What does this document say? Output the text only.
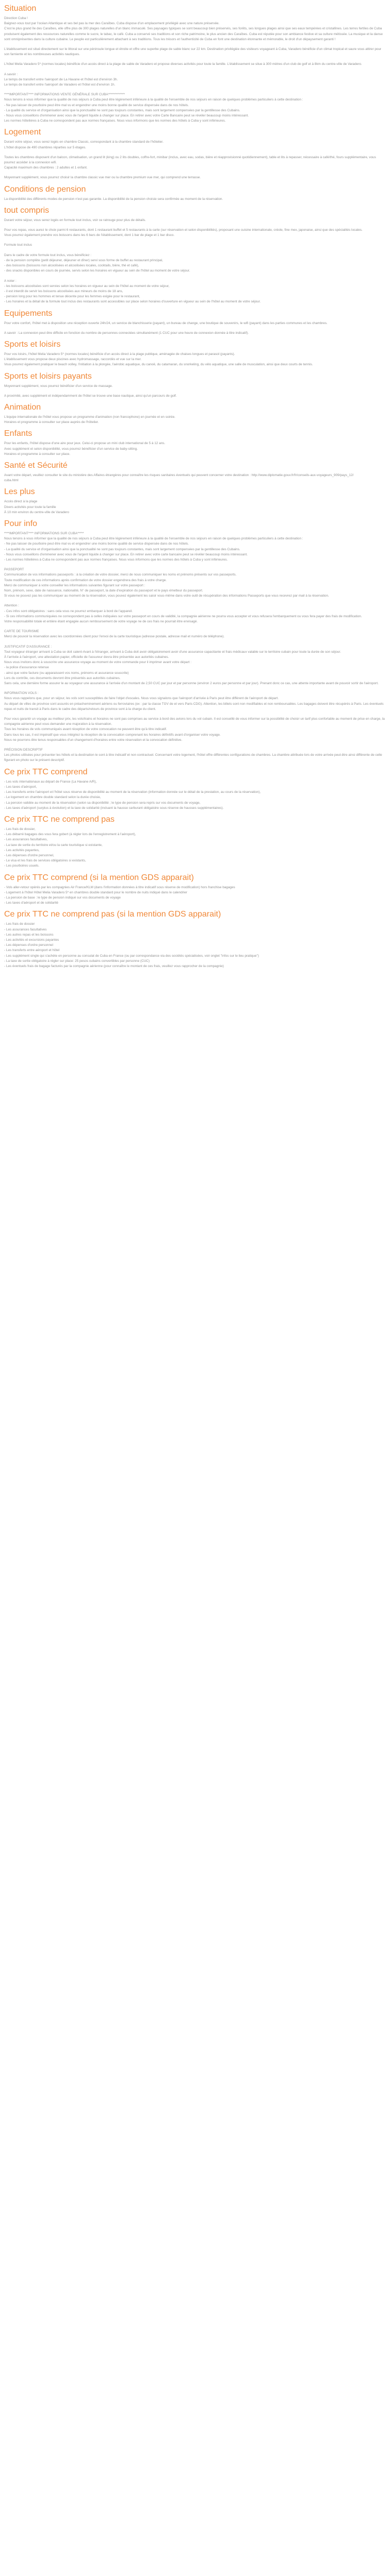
Situation

Direction Cuba !

Baignez-vous tout par l'océan Atlantique et ses bel pas la mer des Caraïbes. Cuba dispose d'un emplacement privilégié avec une nature préservée.

C'est le plus grand île des Caraïbes, elle offre plus de 300 plages naturelles d'un blanc immaculé. Ses paysages typiques se sont beaucoup bien préservés, ses forêts, ses longues plages ainsi que ses eaux tempérées et cristallines. Les terres fertiles de Cuba produisent également des ressources naturelles comme le sucre, le tabac, le café. Cuba a conservé ses traditions et son riche patrimoine, le plus ancien des Caraïbes. Cuba est réputée pour son ambiance festive et sa culture métissée. La musique et la danse sont omniprésentes dans la culture cubaine. Le peuple est particulièrement attachant à ses traditions. Tous les trésors et l'authenticité de Cuba en font une destination étonnante et mémorable, le droit d'un dépaysement garanti !

L'établissement est situé directement sur le littoral sur une péninsule longue et étroite et offre une superbe plage de sable blanc sur 22 km. Destination privilégiée des visiteurs voyageant à Cuba, Varadero bénéficie d'un climat tropical et saure vous attirer pour son farniente et les nombreuses activités nautiques.

L'hôtel Melia Varadero 5* (normes locales) bénéficie d'un accès direct à la plage de sable de Varadero et propose diverses activités pour toute la famille. L'établissement se situe à 300 mètres d'un club de golf et à 8km du centre-ville de Varadero.

A savoir :

Le temps de transfert entre l'aéroport de La Havane et l'hôtel est d'environ 3h.

Le temps de transfert entre l'aéroport de Varadero et l'hôtel est d'environ 1h.

****IMPORTANT**** INFORMATIONS VENTE GÉNÉRALE SUR CUBA*************

Nous tenons à vous informer que la qualité de nos séjours à Cuba peut être légèrement inférieure à la qualité de l'ensemble de nos séjours en raison de quelques problèmes particuliers à cette destination :

- Ne pas laisser de pourboire peut être mal vu et engendrer une moins bonne qualité de service dispensée dans de nos hôtels.

- La qualité du service et d'organisation ainsi que la ponctualité ne sont pas toujours constantes, mais sont largement compensées par la gentillesse des Cubains.

- Nous vous conseillons d'emmener avec vous de l'argent liquide à changer sur place. En retirer avec votre Carte Bancaire peut se révéler beaucoup moins intéressant.

Les normes hôtelières à Cuba ne correspondent pas aux normes françaises. Nous vous informons que les normes des hôtels à Cuba y sont inférieures.

Logement

Durant votre séjour, vous serez logés en chambre Classic, correspondant à la chambre standard de l'hôtelier.

L'hôtel dispose de 490 chambres réparties sur 5 étages.

Toutes les chambres disposent d'un balcon, climatisation, un grand lit (king) ou 2 lits doubles, coffre-fort, minibar (inclus, avec eau, sodas, bière et réapprovisionné quotidiennement), table et lits à repasser, nécessaire à café/thé, fours supplémentaire, vous pourrez accéder à la connexion wifi.

Capacité maximum des chambres : 2 adultes et 1 enfant.

Moyennant supplément, vous pourrez choisir la chambre classic vue mer ou la chambre premium vue mer, qui comprend une terrasse.

Conditions de pension

La disponibilité des différents modes de pension n'est pas garantie. La disponibilité de la pension choisie sera confirmée au moment de la réservation.

tout compris

Durant votre séjour, vous serez logés en formule tout inclus, voir ce ratrouge pour plus de détails.

Pour vos repas, vous aurez le choix parmi 6 restaurants, dont 1 restaurant buffet et 5 restaurants à la carte (sur réservation et selon disponibilités), proposant une cuisine internationale, créole, fine mex, japonaise, ainsi que des spécialités locales.

Vous pourrez également prendre vos boissons dans les 6 bars de l'établissement, dont 1 bar de plage et 1 bar disco.

Formule tout inclus

Dans le cadre de votre formule tout inclus, vous bénéficiez :

- de la pension complète (petit déjeuner, déjeuner et dîner) servi sous forme de buffet au restaurant principal,

- des boissons (boissons non alcoolisées et alcoolisées locales, cocktails, bière, thé et café),

- des snacks disponibles en cours de journée, servis selon les horaires en vigueur au sein de l'hôtel au moment de votre séjour.

A noter :

- les boissons alcoolisées sont servies selon les horaires en vigueur au sein de l'hôtel au moment de votre séjour,

- il est interdit de servir les boissons alcoolisées aux mineurs de moins de 18 ans,

- pension long pour les hommes et tenue décente pour les femmes exigée pour le restaurant,

- Les horaires et la détail de la formule tout inclus des restaurants sont accessibles sur place selon horaires d'ouverture en vigueur au sein de l'hôtel au moment de votre séjour.

Equipements

Pour votre confort, l'hôtel met à disposition une réception ouverte 24h/24, un service de blanchisserie (payant), un bureau de change, une boutique de souvenirs, le wifi (payant) dans les parties communes et les chambres.

A savoir : La connexion peut être difficile en fonction du nombre de personnes connectées simultanément (1 CUC pour une heure de connexion donnée à titre indicatif).

Sports et loisirs

Pour vos loisirs, l'hôtel Melia Varadero 5* (normes locales) bénéficie d'un accès direct à la plage publique, aménagée de chaises longues et parasol (payants).

L'établissement vous propose deux piscines avec hydromassage, raccordés et vue sur la mer.

Vous pourrez également pratiquer le beach volley, l'initiation à la plongée, l'aérobic aquatique, du canoë, du catamaran, du snorkeling, du vélo aquatique, une salle de musculation, ainsi que deux courts de tennis.

Sports et loisirs payants

Moyennant supplément, vous pourrez bénéficier d'un service de massage.

A proximité, avec supplément et indépendamment de l'hôtel se trouve une base nautique, ainsi qu'un parcours de golf.

Animation

L'équipe internationale de l'hôtel vous propose un programme d'animation (non francophone) en journée et en soirée.

Horaires et programme à consulter sur place auprès de l'hôtelier.

Enfants

Pour les enfants, l'hôtel dispose d'une aire pour jeux. Celui-ci propose un mini club international de 5 à 12 ans.

Avec supplément et selon disponibilité, vous pourrez bénéficier d'un service de baby-sitting.

Horaires et programme à consulter sur place.

Santé et Sécurité

Avant votre départ, veuillez consulter le site du ministère des Affaires étrangères pour connaître les risques sanitaires éventuels qui peuvent concerner votre destination : http://www.diplomatie.gouv.fr/fr/conseils-aux-voyageurs_909/pays_12/

cuba.html

Les plus

Accès direct à la plage

Divers activités pour toute la famille

À 10 min environ du centre-ville de Varadero

Pour info

****IMPORTANT**** INFORMATIONS SUR CUBA*****

Nous tenons à vous informer que la qualité de nos séjours à Cuba peut être légèrement inférieure à la qualité de l'ensemble de nos séjours en raison de quelques problèmes particuliers à cette destination :

- Ne pas laisser de pourboire peut être mal vu et engendrer une moins bonne qualité de service dispensée dans de nos hôtels.

- La qualité du service et d'organisation ainsi que la ponctualité ne sont pas toujours constantes, mais sont largement compensées par la gentillesse des Cubains.

- Nous vous conseillons d'emmener avec vous de l'argent liquide à changer sur place. En retirer avec votre carte bancaire peut se révéler beaucoup moins intéressant.

- Les normes hôtelières à Cuba ne correspondent pas aux normes françaises. Nous vous informons que les normes des hôtels à Cuba y sont inférieures.

PASSEPORT

Communication de vos informations passeports : à la création de votre dossier, merci de nous communiquer les noms et prénoms présents sur vos passeports.

Toute modification de ces informations après confirmation de votre dossier engendrera des frais à votre charge.

Merci de communiquer à votre conseiller les informations suivantes figurant sur votre passeport :

Nom, prénom, sexe, date de naissance, nationalité, N° de passeport, la date d'expiration du passeport et le pays émetteur du passeport.

Si vous ne pouvez pas les communiquer au moment de la réservation, vous pouvez également les saisir vous-même dans votre outil de récupération des informations Passeports que vous recevrez par mail à la réservation.

Attention :

- Ces infos sont obligatoires : sans cela vous ne pourrez embarquer à bord de l'appareil.

- Si ces informations communiquées ne correspondent pas à celles indiquées sur votre passeport en cours de validité, la compagnie aérienne ne pourra vous accepter et vous refusera l'embarquement ou vous fera payer des frais de modification.

Votre responsabilité totale et entière étant engagée aucun remboursement de votre voyage ne de ces frais ne pourrait être envisagé.

CARTE DE TOURISME

Merci de pouvoir la réservation avec les coordonnées client pour l'envoi de la carte touristique (adresse postale, adresse mail et numéro de téléphone).

JUSTIFICATIF D'ASSURANCE :

Tout voyageur étranger arrivant à Cuba se doit calent-rivant à l'étranger, arrivant à Cuba doit avoir obligatoirement avoir d'une assurance capacitante et frais médicaux valable sur le territoire cubain pour toute la durée de son séjour.

À l'arrivée à l'aéroport, une attestation papier, officielle de l'assureur devra être présentée aux autorités cubaines.

Nous vous invitons donc à souscrire une assurance voyage au moment de votre commande pour il imprimer avant votre départ :

- la police d'assurance retenue

- ainsi que votre facture (ou apparaissent vos noms, prénoms et assurance souscrite)

Lors du contrôle, ces documents devront être présentés aux autorités cubaines.

Sans cela, une dernière forme assurer le au voyageur une assurance à l'arrivée d'un montant de 2,50 CUC par jour et par personne (environ 2 euros par personne et par jour). Prenant donc ce cas, une attente importante avant de pouvoir sortir de l'aéroport.

INFORMATION VOLS :

Nous vous rappelons que, pour un séjour, les vols sont susceptibles de faire l'objet d'escales. Nous vous signalons que l'aéroport d'arrivée à Paris peut être différent de l'aéroport de départ.

Au départ de villes de province sont assurés en préacheminement aériens ou ferroviaires (ex : par la classe TGV de et vers Paris CDG). Attention, les billets sont non modifiables et non remboursables. Les bagages doivent être récupérés à Paris. Les éventuels repas et nuits de transit à Paris dans le cadre des départs/retours de province sont à la charge du client.

Pour vous garantir un voyage au meilleur prix, les vols/trains et horaires ne sont pas comprises au service à bord des avions lors du vol cubain. Il est conseillé de vous informer sur la possibilité de choisir un tarif plus confortable au moment de prise en charge, la compagnie aérienne peut vous demander une majoration à la réservation.

Tous les horaires de vols communiqués avant réception de votre convocation ne peuvent être qu'à titre indicatif.

Dans tous les cas, il est impératif que vous intégriez la réception de la convocation comprenant les horaires définitifs avant d'organiser votre voyage.

Nous ne pourrons être tenus responsables d'un changement d'horaires entre votre réservation et la convocation définitive.

PRÉCISION DESCRIPTIF

Les photos utilisées pour présenter les hôtels et la destination le sont à titre indicatif et non contractuel. Concernant votre logement, l'hôtel offre différentes configurations de chambres. La chambre attribuée lors de votre arrivée peut-être ainsi différente de celle figurant en photo sur le présent descriptif.

Ce prix TTC comprend

- Les vols internationaux au départ de France (La Havane A/R),

- Les taxes d'aéroport,

- Les transferts entre l'aéroport et l'hôtel sous réserve de disponibilité au moment de la réservation (information donnée sur le détail de la prestation, au cours de la réservation),

- Le logement en chambre double standard selon la durée choisie,

- La pension validée au moment de la réservation (selon sa disponibilité ; le type de pension sera repris sur vos documents de voyage,

- Les taxes d'aéroport (surplus à évolution) et la taxe de solidarité (incluant la hausse carburant obligatoire sous réserve de hausses supplémentaires).

Ce prix TTC ne comprend pas

- Les frais de dossier,

- Les débarré bagages des vous fera gobert (à régler lors de l'enregistrement à l'aéroport),

- Les assurances facultatives,

- La taxe de sortie du territoire et/ou la carte touristique si existante,

- Les activités payantes,

- Les dépenses d'ordre personnel,

- Le visa et les frais de services obligatoires si existants,

- Les pourboires usuels.

Ce prix TTC comprend (si la mention GDS apparait)

- Vols aller-retour opérés par les compagnies Air France/KLM (dans l'information données à titre indicatif sous réserve de modification) hors franchise bagages

- Logement à l'hôtel Hôtel Melia Varadero 5* en chambres double standard pour le nombre de nuits indiqué dans le calendrier

- La pension de base : le type de pension indiqué sur vos documents de voyage

- Les taxes d'aéroport et de solidarité

Ce prix TTC ne comprend pas (si la mention GDS apparait)

- Les frais de dossier

- Les assurances facultatives

- Les autres repas et les boissons

- Les activités et excursions payantes

- Les dépenses d'ordre personnel

- Les transferts entre aéroport et hôtel

- Les supplément single qui s'achète en personne au consulat de Cuba en France (ou par correspondance via des sociétés spécialisées, voir onglet "infos sur le lieu pratique")

- La taxe de sortie obligatoire à régler sur place: 25 pesos cubains convertibles par personne (CUC)

- Les éventuels frais de bagage facturés par la compagnie aérienne (pour connaître le montant de ces frais, veuillez vous rapprocher de la compagnie)
